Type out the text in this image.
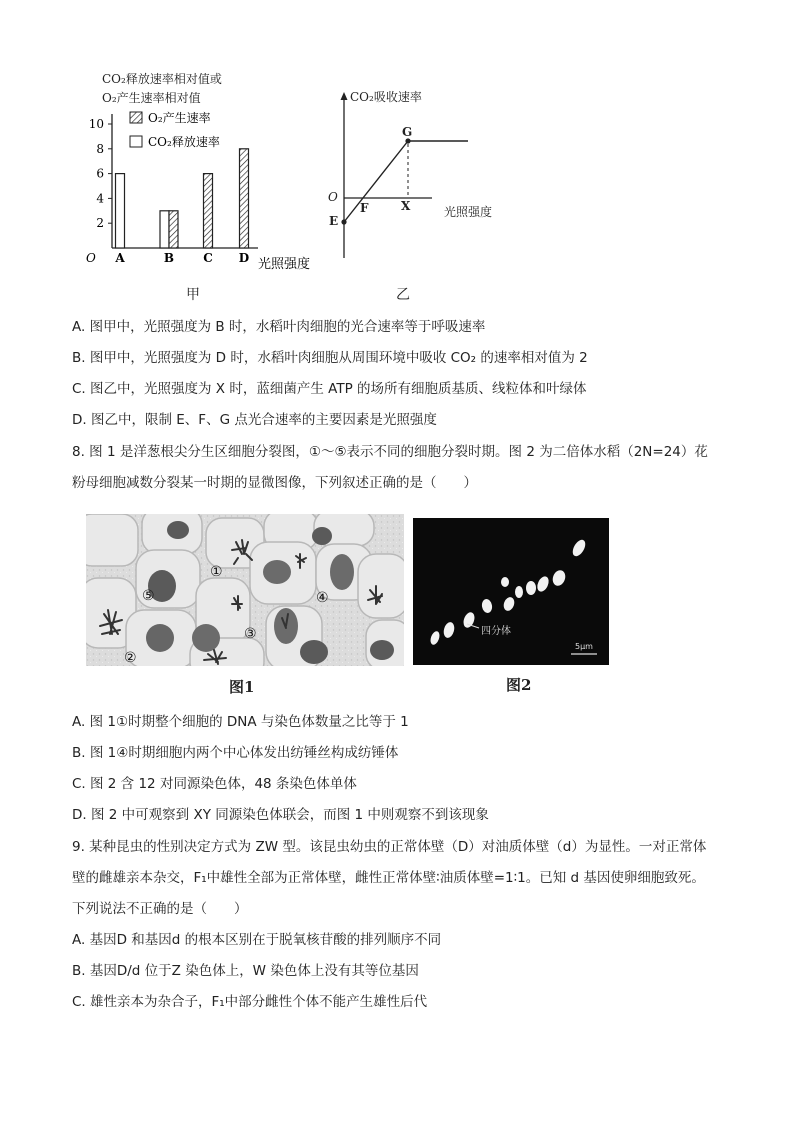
CO₂释放速率相对值或
O₂产生速率相对值
10
8
6
4
2
O A	B C D 光照强度
O₂产生速率
CO₂释放速率
甲
CO₂吸收速率
O
E
F
G
X	光照强度
乙
A. 图甲中，光照强度为 B 时，水稻叶肉细胞的光合速率等于呼吸速率
B. 图甲中，光照强度为 D 时，水稻叶肉细胞从周围环境中吸收 CO₂ 的速率相对值为 2
C. 图乙中，光照强度为 X 时，蓝细菌产生 ATP 的场所有细胞质基质、线粒体和叶绿体
D. 图乙中，限制 E、F、G 点光合速率的主要因素是光照强度
8. 图 1 是洋葱根尖分生区细胞分裂图，①～⑤表示不同的细胞分裂时期。图 2 为二倍体水稻（2N=24）花
粉母细胞减数分裂某一时期的显微图像，下列叙述正确的是（　　）
①
②
③
④
⑤
四分体
5μm
图1	图2
A. 图 1①时期整个细胞的 DNA 与染色体数量之比等于 1
B. 图 1④时期细胞内两个中心体发出纺锤丝构成纺锤体
C. 图 2 含 12 对同源染色体，48 条染色体单体
D. 图 2 中可观察到 XY 同源染色体联会，而图 1 中则观察不到该现象
9. 某种昆虫的性别决定方式为 ZW 型。该昆虫幼虫的正常体壁（D）对油质体壁（d）为显性。一对正常体
壁的雌雄亲本杂交，F₁中雄性全部为正常体壁，雌性正常体壁∶油质体壁=1∶1。已知 d 基因使卵细胞致死。
下列说法不正确的是（　　）
A. 基因D 和基因d 的根本区别在于脱氧核苷酸的排列顺序不同
B. 基因D/d 位于Z 染色体上，W 染色体上没有其等位基因
C. 雄性亲本为杂合子，F₁中部分雌性个体不能产生雄性后代
